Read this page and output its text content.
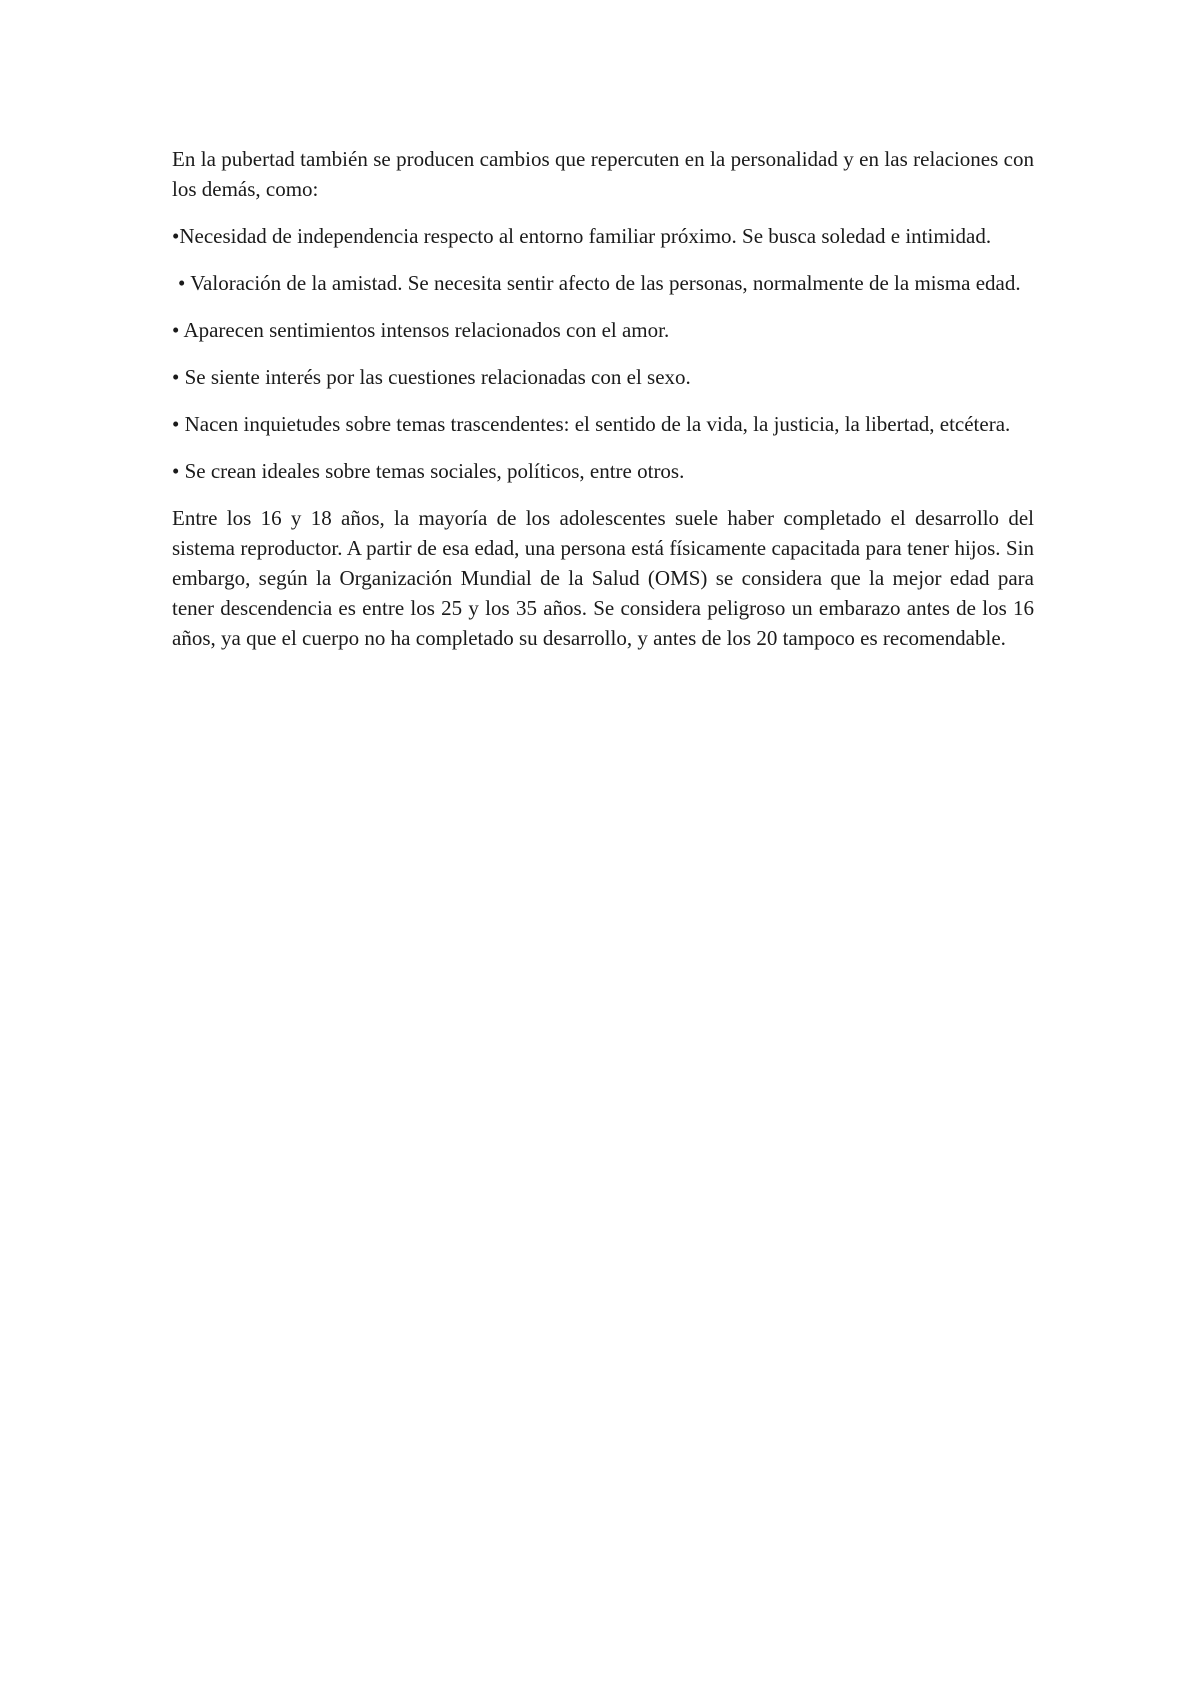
En la pubertad también se producen cambios que repercuten en la personalidad y en las relaciones con los demás, como:

•Necesidad de independencia respecto al entorno familiar próximo. Se busca soledad e intimidad.

• Valoración de la amistad. Se necesita sentir afecto de las personas, normalmente de la misma edad.

• Aparecen sentimientos intensos relacionados con el amor.

• Se siente interés por las cuestiones relacionadas con el sexo.

• Nacen inquietudes sobre temas trascendentes: el sentido de la vida, la justicia, la libertad, etcétera.

• Se crean ideales sobre temas sociales, políticos, entre otros.

Entre los 16 y 18 años, la mayoría de los adolescentes suele haber completado el desarrollo del sistema reproductor. A partir de esa edad, una persona está físicamente capacitada para tener hijos. Sin embargo, según la Organización Mundial de la Salud (OMS) se considera que la mejor edad para tener descendencia es entre los 25 y los 35 años. Se considera peligroso un embarazo antes de los 16 años, ya que el cuerpo no ha completado su desarrollo, y antes de los 20 tampoco es recomendable.
